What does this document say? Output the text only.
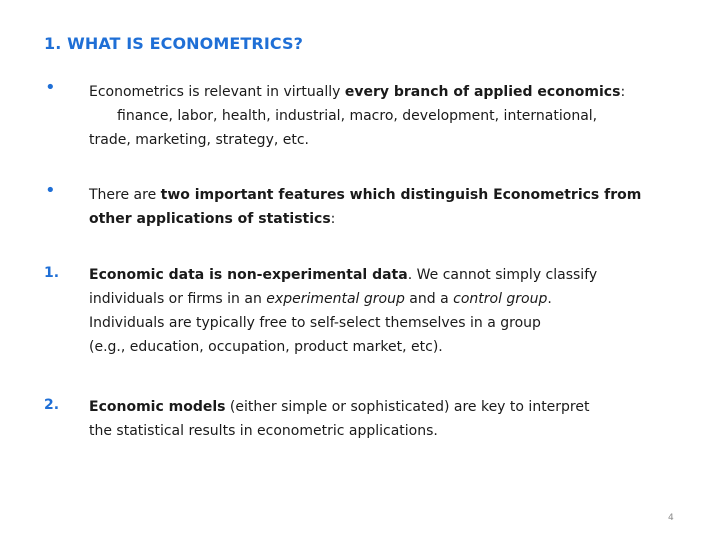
1. WHAT IS ECONOMETRICS?
• Econometrics is relevant in virtually every branch of applied economics:
finance, labor, health, industrial, macro, development, international,
trade, marketing, strategy, etc.
• There are two important features which distinguish Econometrics from
other applications of statistics:
1. Economic data is non-experimental data. We cannot simply classify
individuals or firms in an experimental group and a control group.
Individuals are typically free to self-select themselves in a group
(e.g., education, occupation, product market, etc).
2. Economic models (either simple or sophisticated) are key to interpret
the statistical results in econometric applications.
4
